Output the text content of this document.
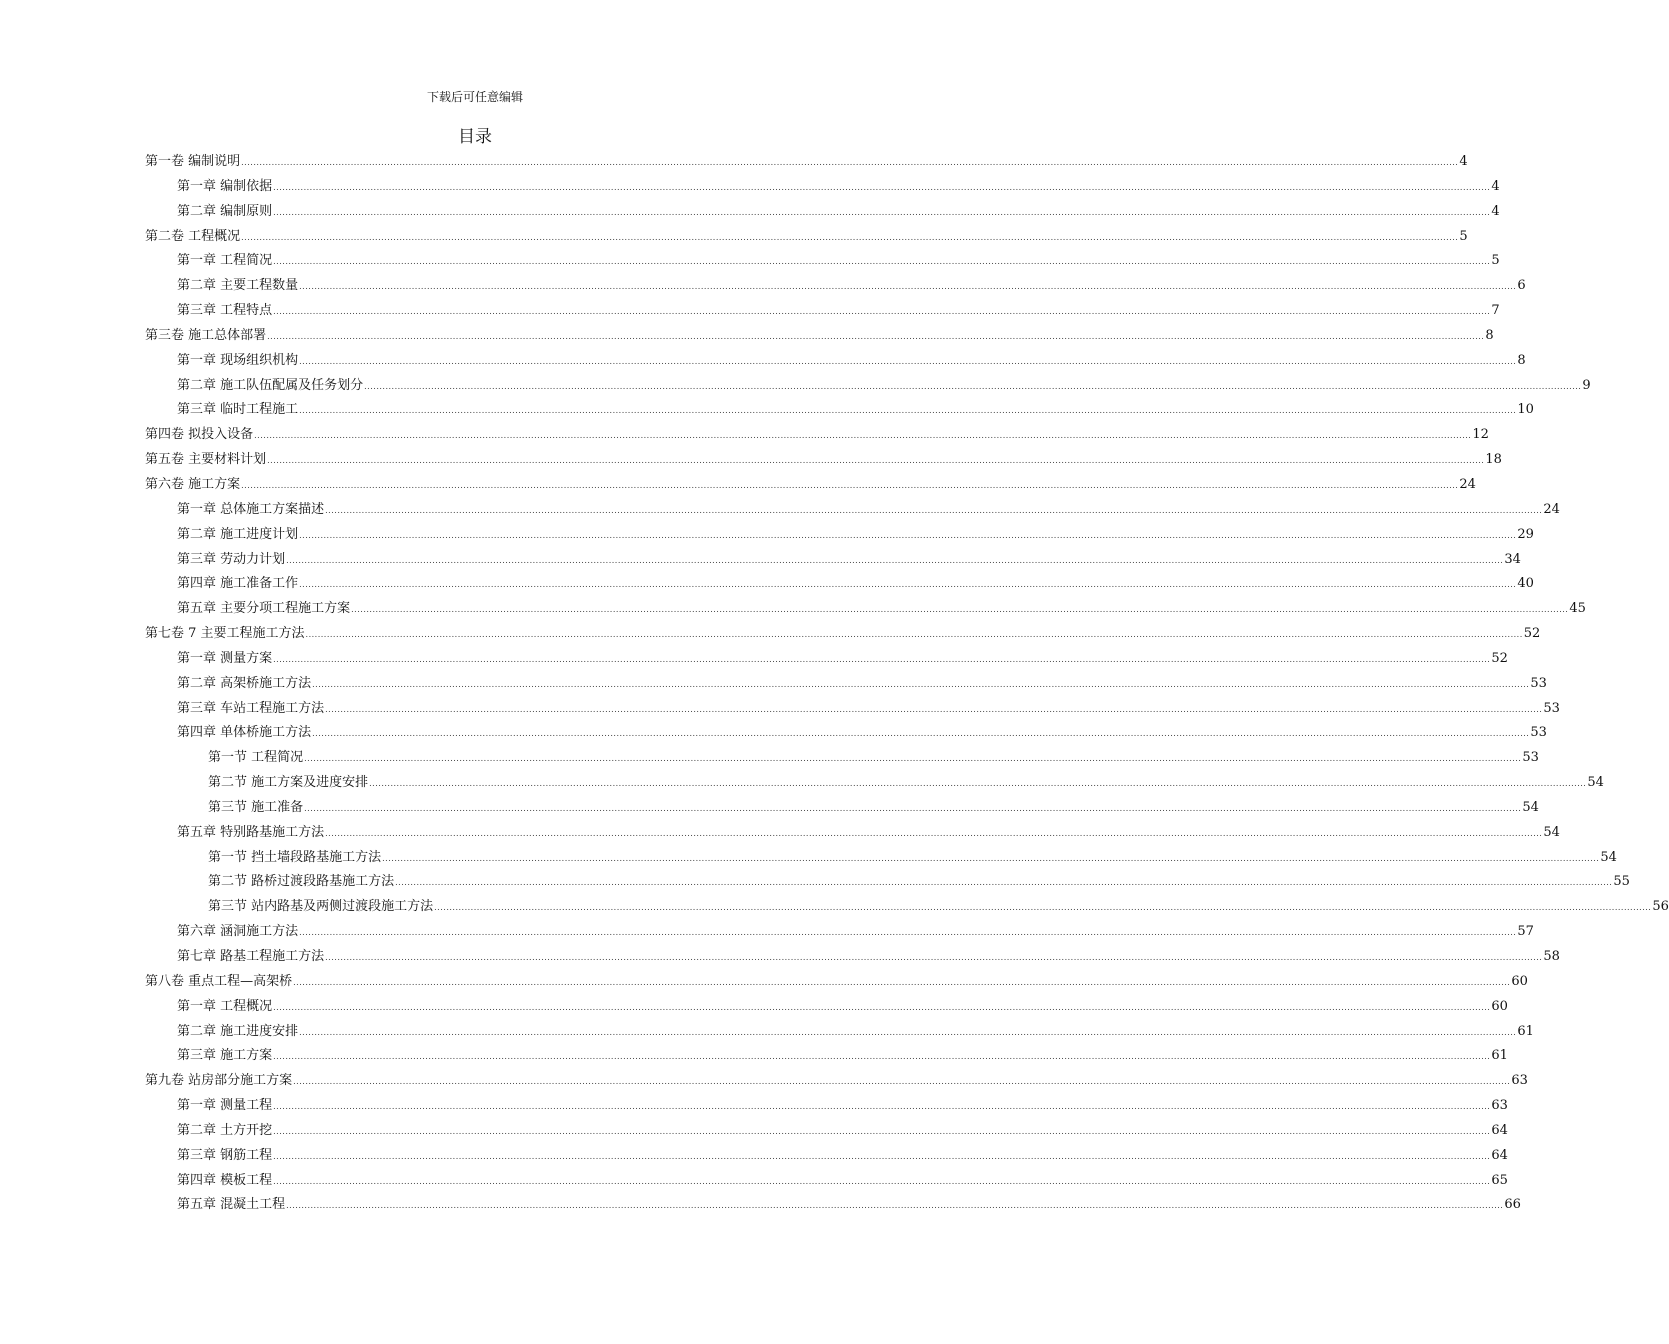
下载后可任意编辑
目录
第一卷 编制说明 ................................................................................................................................................................................................................................................................................................................................................................................................................ 4
第一章 编制依据 ................................................................................................................................................................................................................................................................................................................................................................................................................ 4
第二章 编制原则 ................................................................................................................................................................................................................................................................................................................................................................................................................ 4
第二卷 工程概况 ................................................................................................................................................................................................................................................................................................................................................................................................................ 5
第一章 工程简况 ................................................................................................................................................................................................................................................................................................................................................................................................................ 5
第二章 主要工程数量 ................................................................................................................................................................................................................................................................................................................................................................................................................ 6
第三章 工程特点 ................................................................................................................................................................................................................................................................................................................................................................................................................ 7
第三卷 施工总体部署 ................................................................................................................................................................................................................................................................................................................................................................................................................ 8
第一章 现场组织机构 ................................................................................................................................................................................................................................................................................................................................................................................................................ 8
第二章 施工队伍配属及任务划分 ................................................................................................................................................................................................................................................................................................................................................................................................................ 9
第三章 临时工程施工 ................................................................................................................................................................................................................................................................................................................................................................................................................ 10
第四卷 拟投入设备 ................................................................................................................................................................................................................................................................................................................................................................................................................ 12
第五卷 主要材料计划 ................................................................................................................................................................................................................................................................................................................................................................................................................ 18
第六卷 施工方案 ................................................................................................................................................................................................................................................................................................................................................................................................................ 24
第一章 总体施工方案描述 ................................................................................................................................................................................................................................................................................................................................................................................................................ 24
第二章 施工进度计划 ................................................................................................................................................................................................................................................................................................................................................................................................................ 29
第三章 劳动力计划 ................................................................................................................................................................................................................................................................................................................................................................................................................ 34
第四章 施工准备工作 ................................................................................................................................................................................................................................................................................................................................................................................................................ 40
第五章 主要分项工程施工方案 ................................................................................................................................................................................................................................................................................................................................................................................................................ 45
第七卷 7 主要工程施工方法 ................................................................................................................................................................................................................................................................................................................................................................................................................ 52
第一章 测量方案 ................................................................................................................................................................................................................................................................................................................................................................................................................ 52
第二章 高架桥施工方法 ................................................................................................................................................................................................................................................................................................................................................................................................................ 53
第三章 车站工程施工方法 ................................................................................................................................................................................................................................................................................................................................................................................................................ 53
第四章 单体桥施工方法 ................................................................................................................................................................................................................................................................................................................................................................................................................ 53
第一节 工程简况 ................................................................................................................................................................................................................................................................................................................................................................................................................ 53
第二节 施工方案及进度安排 ................................................................................................................................................................................................................................................................................................................................................................................................................ 54
第三节 施工准备 ................................................................................................................................................................................................................................................................................................................................................................................................................ 54
第五章 特别路基施工方法 ................................................................................................................................................................................................................................................................................................................................................................................................................ 54
第一节 挡土墙段路基施工方法 ................................................................................................................................................................................................................................................................................................................................................................................................................ 54
第二节 路桥过渡段路基施工方法 ................................................................................................................................................................................................................................................................................................................................................................................................................ 55
第三节 站内路基及两侧过渡段施工方法 ................................................................................................................................................................................................................................................................................................................................................................................................................ 56
第六章 涵洞施工方法 ................................................................................................................................................................................................................................................................................................................................................................................................................ 57
第七章 路基工程施工方法 ................................................................................................................................................................................................................................................................................................................................................................................................................ 58
第八卷 重点工程—高架桥 ................................................................................................................................................................................................................................................................................................................................................................................................................ 60
第一章 工程概况 ................................................................................................................................................................................................................................................................................................................................................................................................................ 60
第二章 施工进度安排 ................................................................................................................................................................................................................................................................................................................................................................................................................ 61
第三章 施工方案 ................................................................................................................................................................................................................................................................................................................................................................................................................ 61
第九卷 站房部分施工方案 ................................................................................................................................................................................................................................................................................................................................................................................................................ 63
第一章 测量工程 ................................................................................................................................................................................................................................................................................................................................................................................................................ 63
第二章 土方开挖 ................................................................................................................................................................................................................................................................................................................................................................................................................ 64
第三章 钢筋工程 ................................................................................................................................................................................................................................................................................................................................................................................................................ 64
第四章 模板工程 ................................................................................................................................................................................................................................................................................................................................................................................................................ 65
第五章 混凝土工程 ................................................................................................................................................................................................................................................................................................................................................................................................................ 66
